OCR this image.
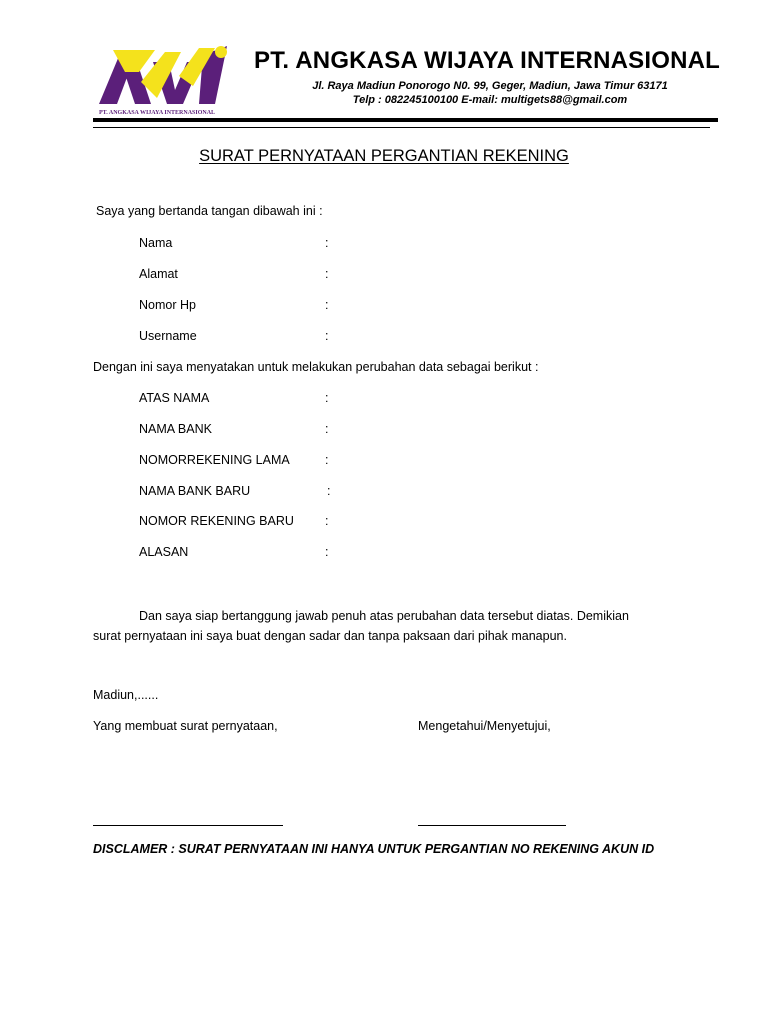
PT. ANGKASA WIJAYA INTERNASIONAL
PT. ANGKASA WIJAYA INTERNASIONAL
Jl. Raya Madiun Ponorogo N0. 99, Geger, Madiun, Jawa Timur 63171
Telp : 082245100100 E-mail: multigets88@gmail.com
SURAT PERNYATAAN PERGANTIAN REKENING
Saya yang bertanda tangan dibawah ini :
Nama	:
Alamat	:
Nomor Hp	:
Username	:
Dengan ini saya menyatakan untuk melakukan perubahan data sebagai berikut :
ATAS NAMA	:
NAMA BANK	:
NOMORREKENING LAMA	:
NAMA BANK BARU	:
NOMOR REKENING BARU :
ALASAN	:
Dan saya siap bertanggung jawab penuh atas perubahan data tersebut diatas. Demikian surat pernyataan ini saya buat dengan sadar dan tanpa paksaan dari pihak manapun.
Madiun,......
Yang membuat surat pernyataan,	Mengetahui/Menyetujui,
DISCLAMER : SURAT PERNYATAAN INI HANYA UNTUK PERGANTIAN NO REKENING AKUN ID
